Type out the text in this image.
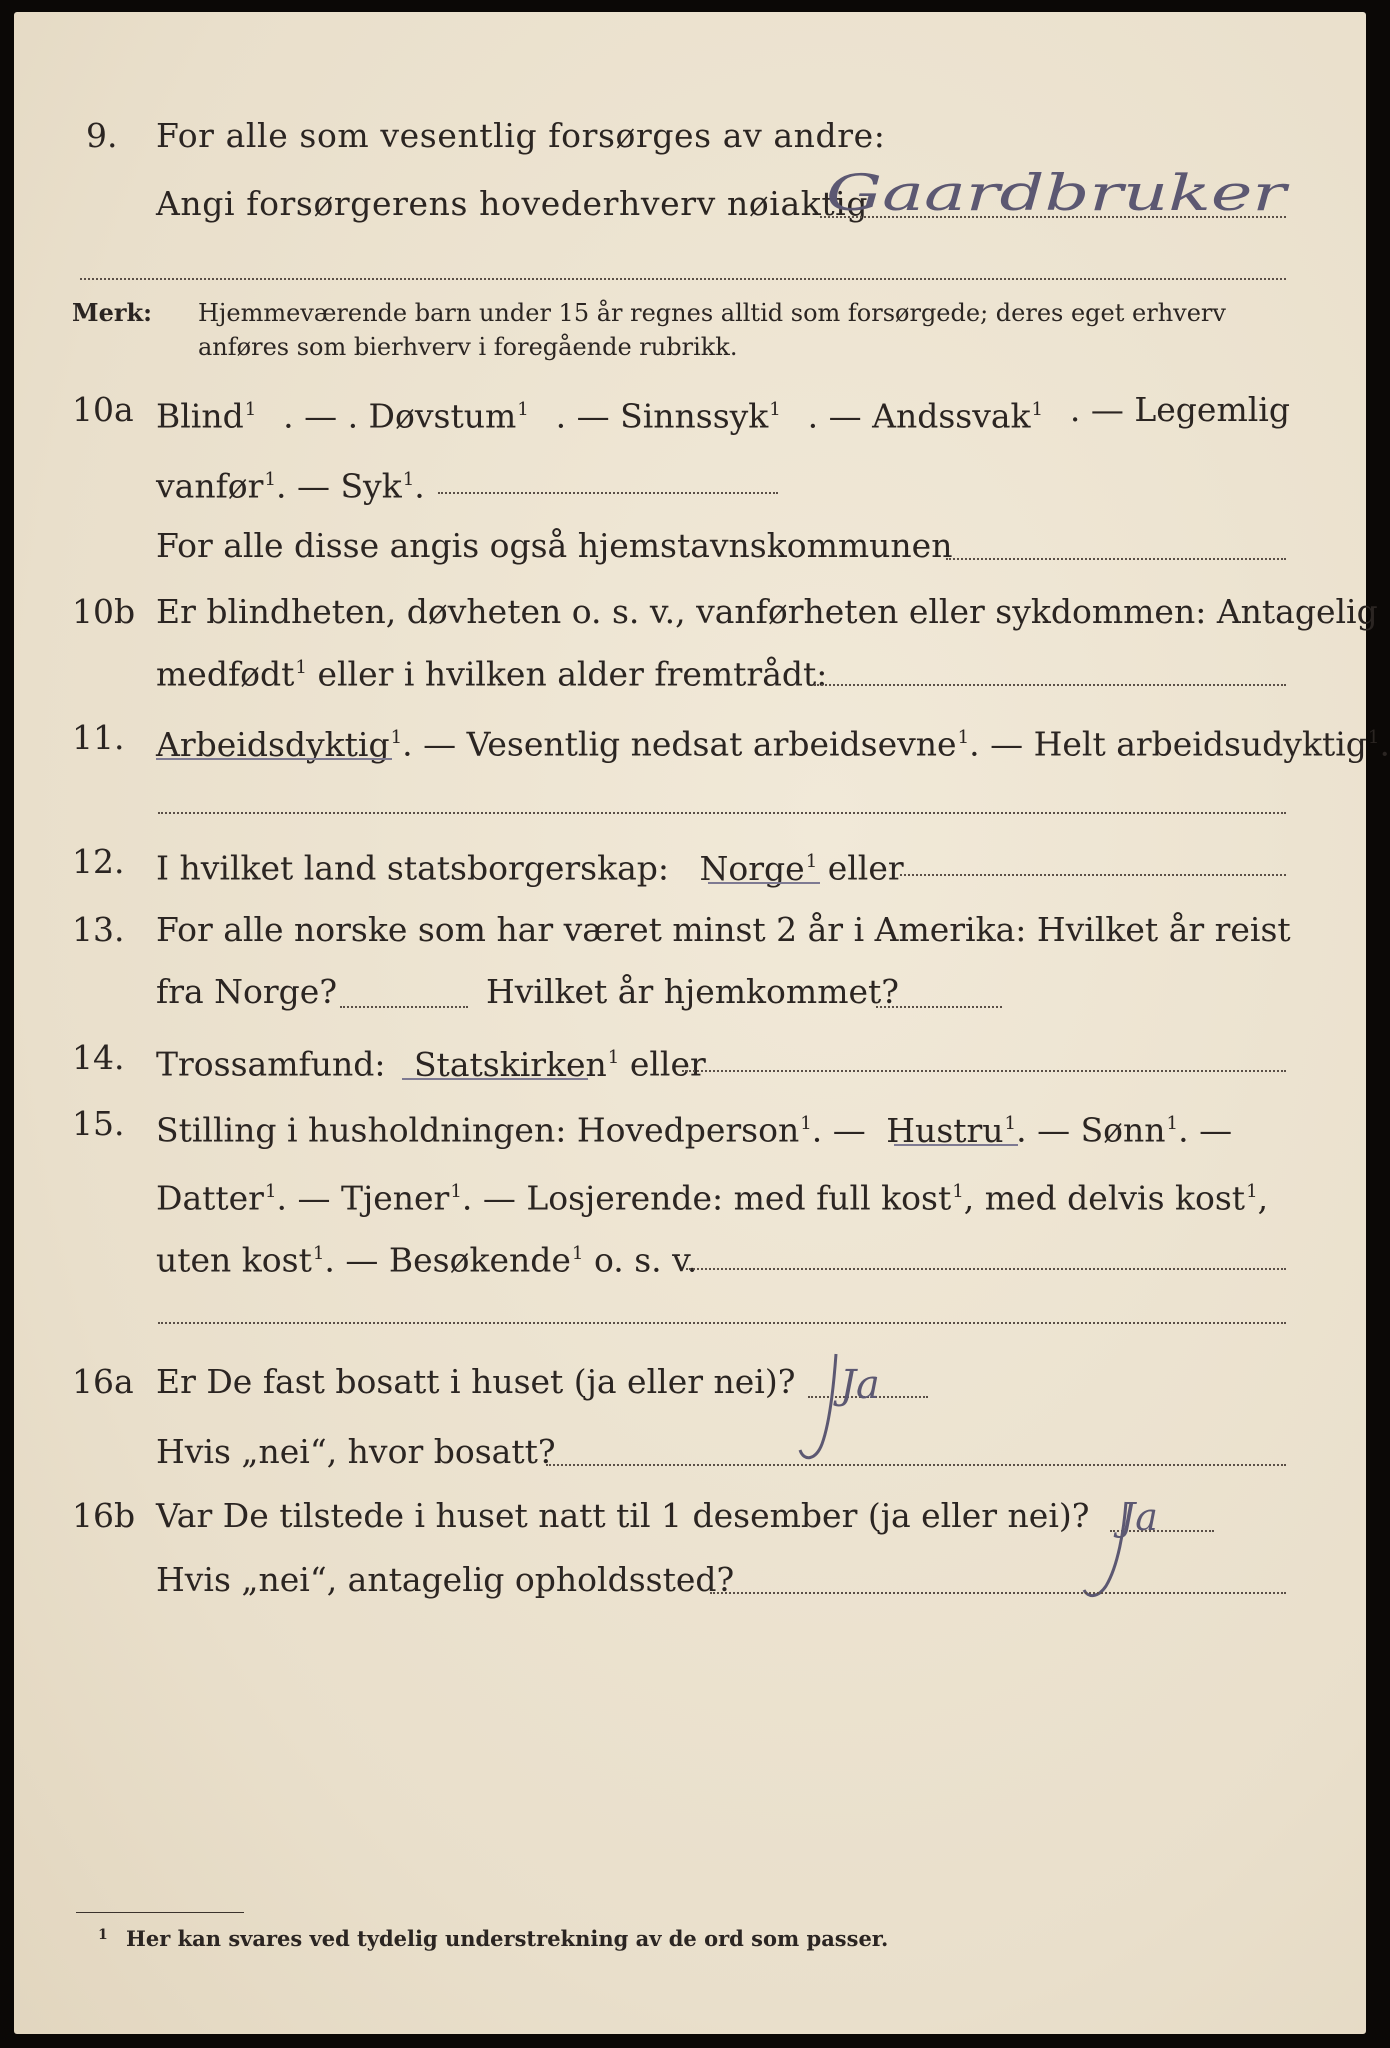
9. For alle som vesentlig forsørges av andre:
Angi forsørgerens hovederhverv nøiaktig
Gaardbruker
Merk: Hjemmeværende barn under 15 år regnes alltid som forsørgede; deres eget erhverv
anføres som bierhverv i foregående rubrikk.
10a Blind$^1$ . — . Døvstum$^1$ . — Sinnssyk$^1$ . — Andssvak$^1$ . — Legemlig
vanfør$^1$. — Syk$^1$.
For alle disse angis også hjemstavnskommunen
10b Er blindheten, døvheten o. s. v., vanførheten eller sykdommen: Antagelig
medfødt$^1$ eller i hvilken alder fremtrådt:
11. Arbeidsdyktig$^1$. — Vesentlig nedsat arbeidsevne$^1$. — Helt arbeidsudyktig$^1$.
12. I hvilket land statsborgerskap: Norge$^1$ eller
13. For alle norske som har været minst 2 år i Amerika: Hvilket år reist
fra Norge?	Hvilket år hjemkommet?
14. Trossamfund: Statskirken$^1$ eller
15. Stilling i husholdningen: Hovedperson$^1$. — Hustru$^1$. — Sønn$^1$. —
Datter$^1$. — Tjener$^1$. — Losjerende: med full kost$^1$, med delvis kost$^1$,
uten kost$^1$. — Besøkende$^1$ o. s. v.
16a Er De fast bosatt i huset (ja eller nei)? Ja
Hvis „nei“, hvor bosatt?
16b Var De tilstede i huset natt til 1 desember (ja eller nei)? Ja
Hvis „nei“, antagelig opholdssted?
1 Her kan svares ved tydelig understrekning av de ord som passer.
